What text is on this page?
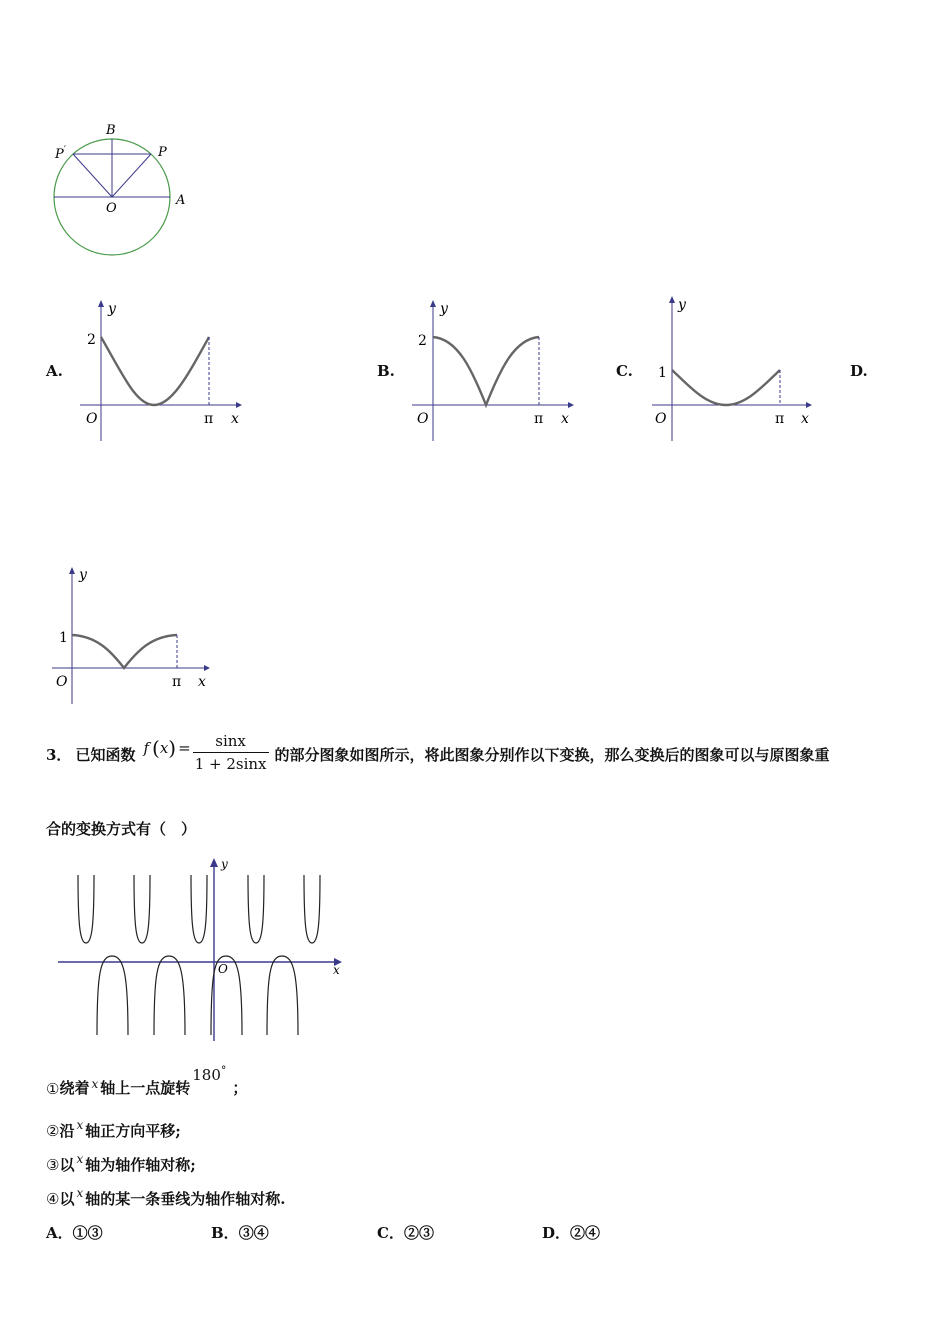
B
P′	P
O
A
A.	B.	C.	D.
y
2
O	π x
y
2
O	π x
y
1
O	π x
y
1
O	π x
3． 已知函数 f ( x ) = sinx
1 + 2sinx 的部分图象如图所示，将此图象分别作以下变换，那么变换后的图象可以与原图象重
合的变换方式有（　）
y
O	x
① 绕着 x 轴上一点旋转
180°
；
②沿 $^x$ 轴正方向平移;
③以 $^x$ 轴为轴作轴对称;
④以 $^x$ 轴的某一条垂线为轴作轴对称.
A．①③	B．③④	C．②③	D．②④
